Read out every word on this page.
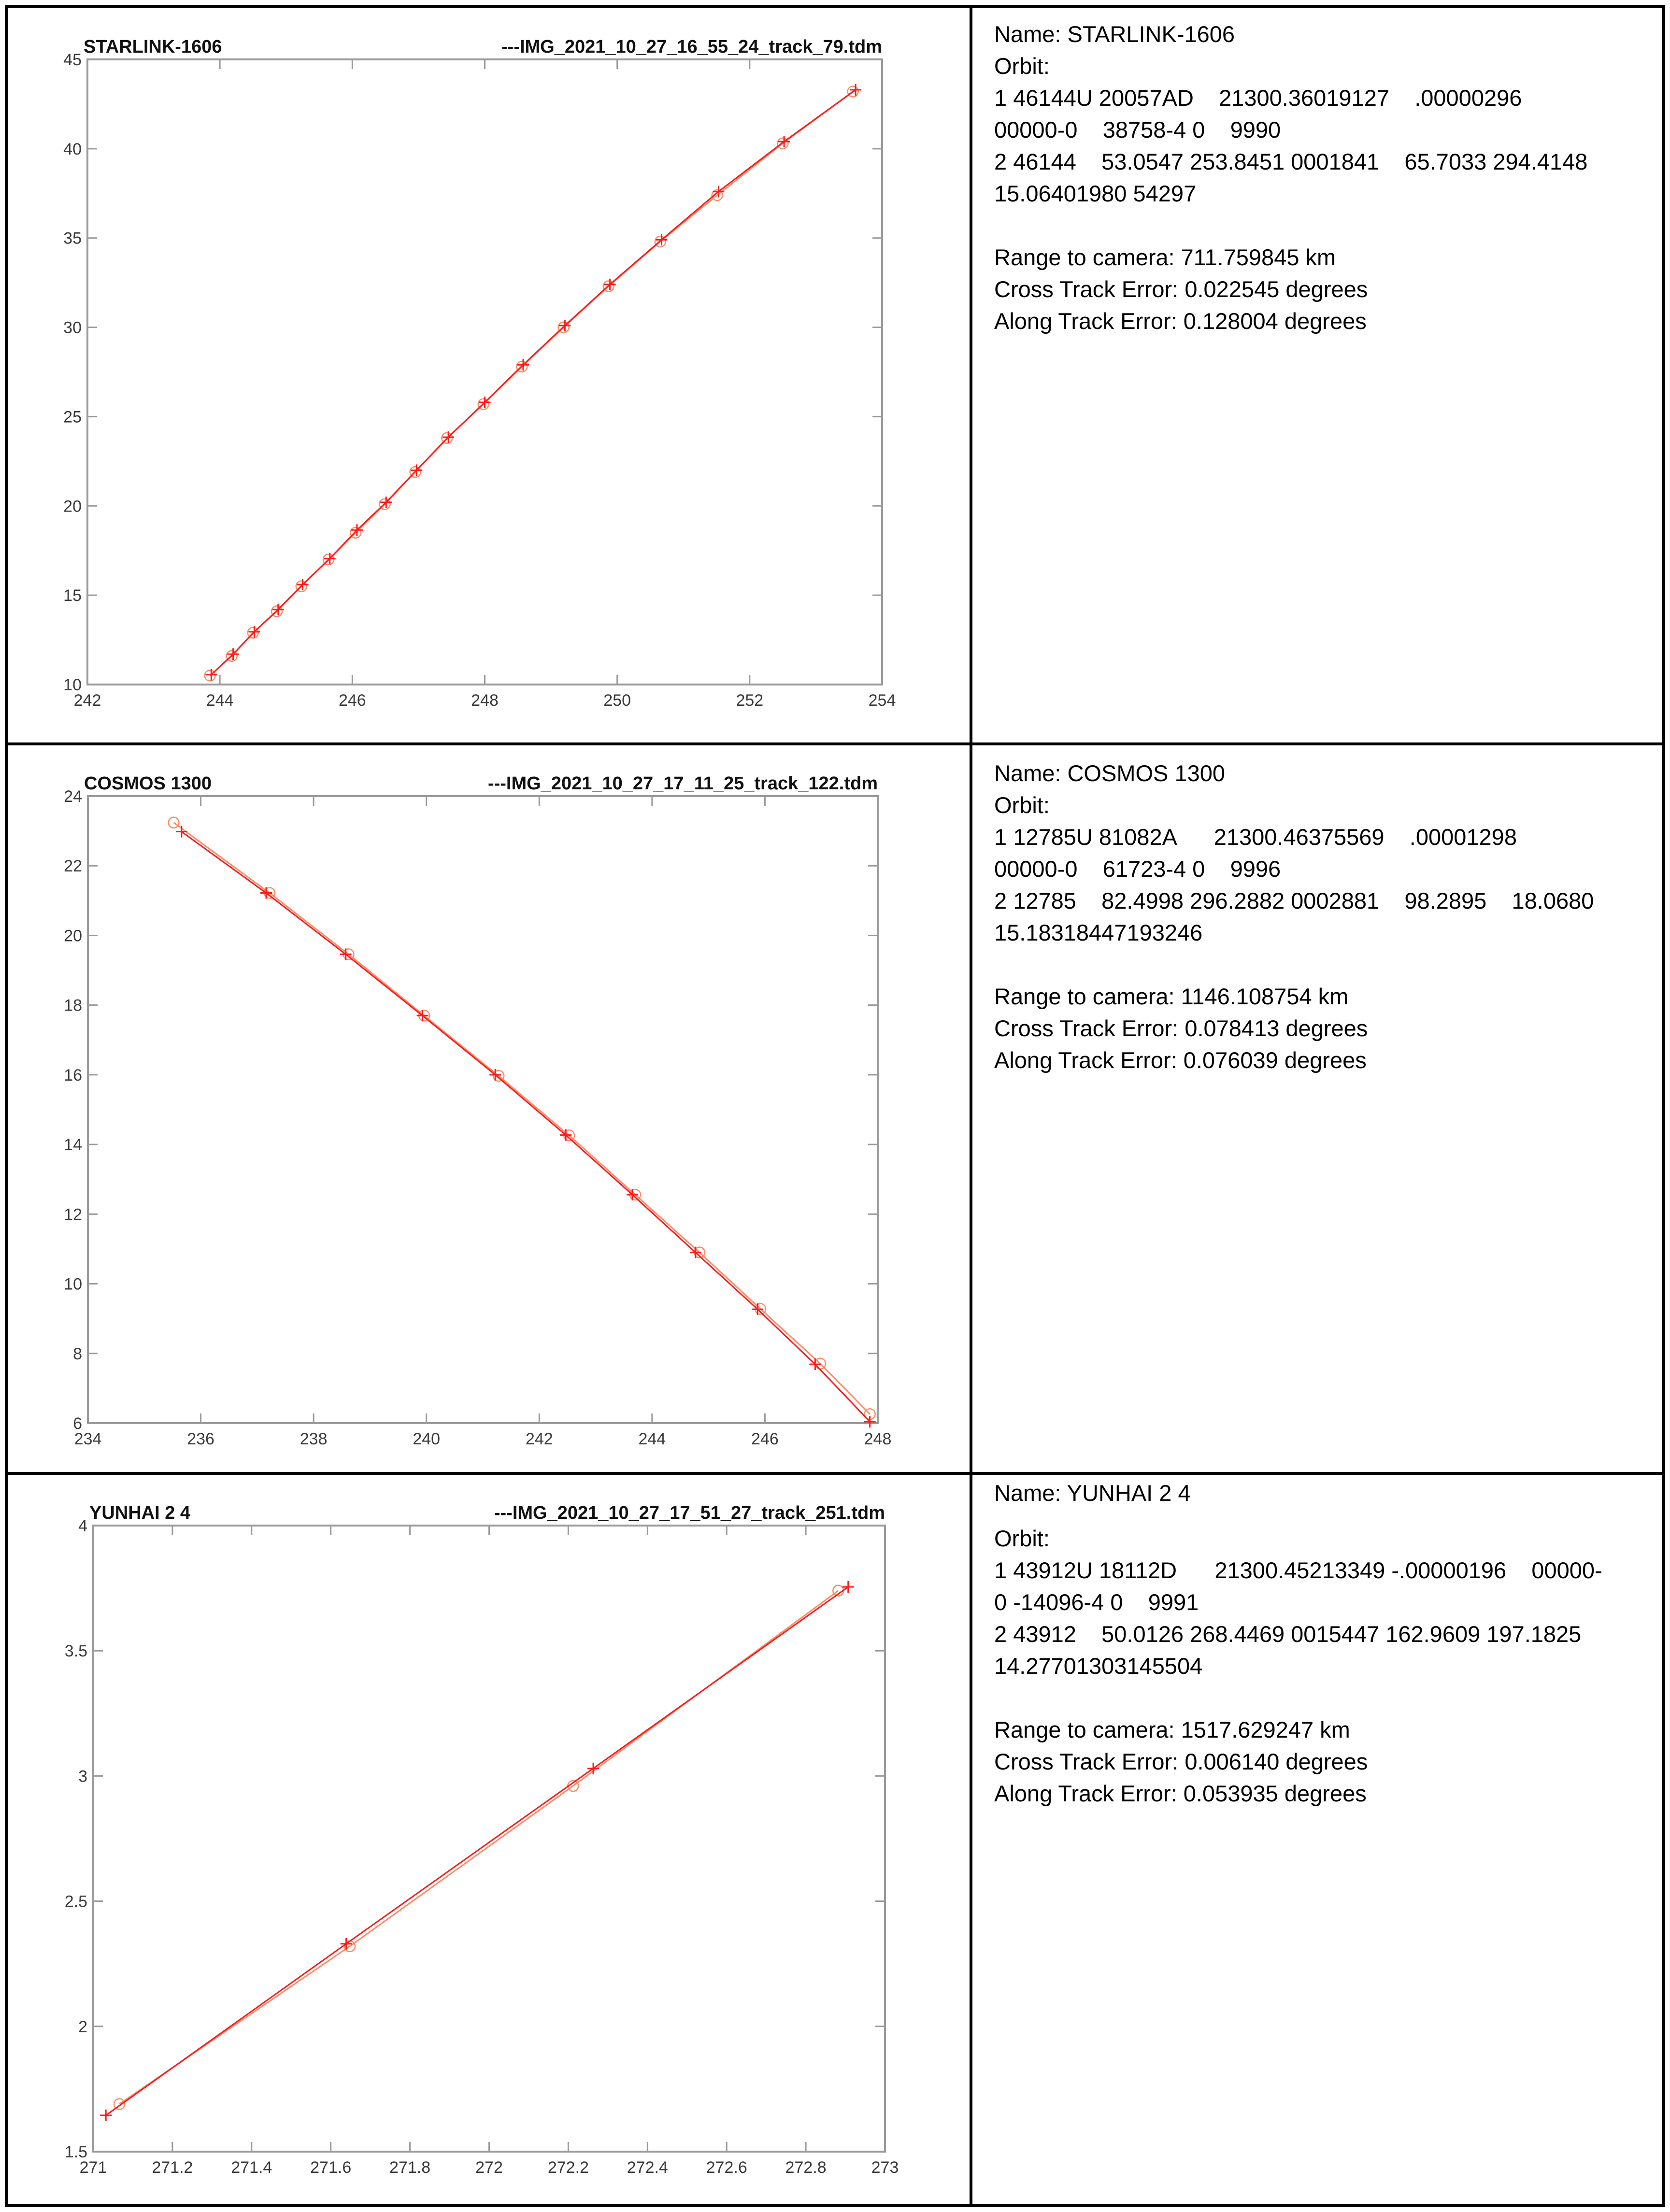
STARLINK-1606	---IMG_2021_10_27_16_55_24_track_79.tdm
242	244	246	248	250	252	254
10
15
20
25
30
35
40
45
Name: STARLINK-1606
Orbit:
1 46144U 20057AD    21300.36019127    .00000296
00000-0    38758-4 0    9990
2 46144    53.0547 253.8451 0001841    65.7033 294.4148
15.06401980 54297
Range to camera: 711.759845 km
Cross Track Error: 0.022545 degrees
Along Track Error: 0.128004 degrees
COSMOS 1300	---IMG_2021_10_27_17_11_25_track_122.tdm
234	236	238	240	242	244	246	248
6
8
10
12
14
16
18
20
22
24
Name: COSMOS 1300
Orbit:
1 12785U 81082A      21300.46375569    .00001298
00000-0    61723-4 0    9996
2 12785    82.4998 296.2882 0002881    98.2895    18.0680
15.18318447193246
Range to camera: 1146.108754 km
Cross Track Error: 0.078413 degrees
Along Track Error: 0.076039 degrees
YUNHAI 2 4	---IMG_2021_10_27_17_51_27_track_251.tdm
271	271.2 271.4 271.6 271.8	272	272.2 272.4 272.6 272.8	273
1.5
2
2.5
3
3.5
4
Name: YUNHAI 2 4
Orbit:
1 43912U 18112D      21300.45213349 -.00000196    00000-
0 -14096-4 0    9991
2 43912    50.0126 268.4469 0015447 162.9609 197.1825
14.27701303145504
Range to camera: 1517.629247 km
Cross Track Error: 0.006140 degrees
Along Track Error: 0.053935 degrees
